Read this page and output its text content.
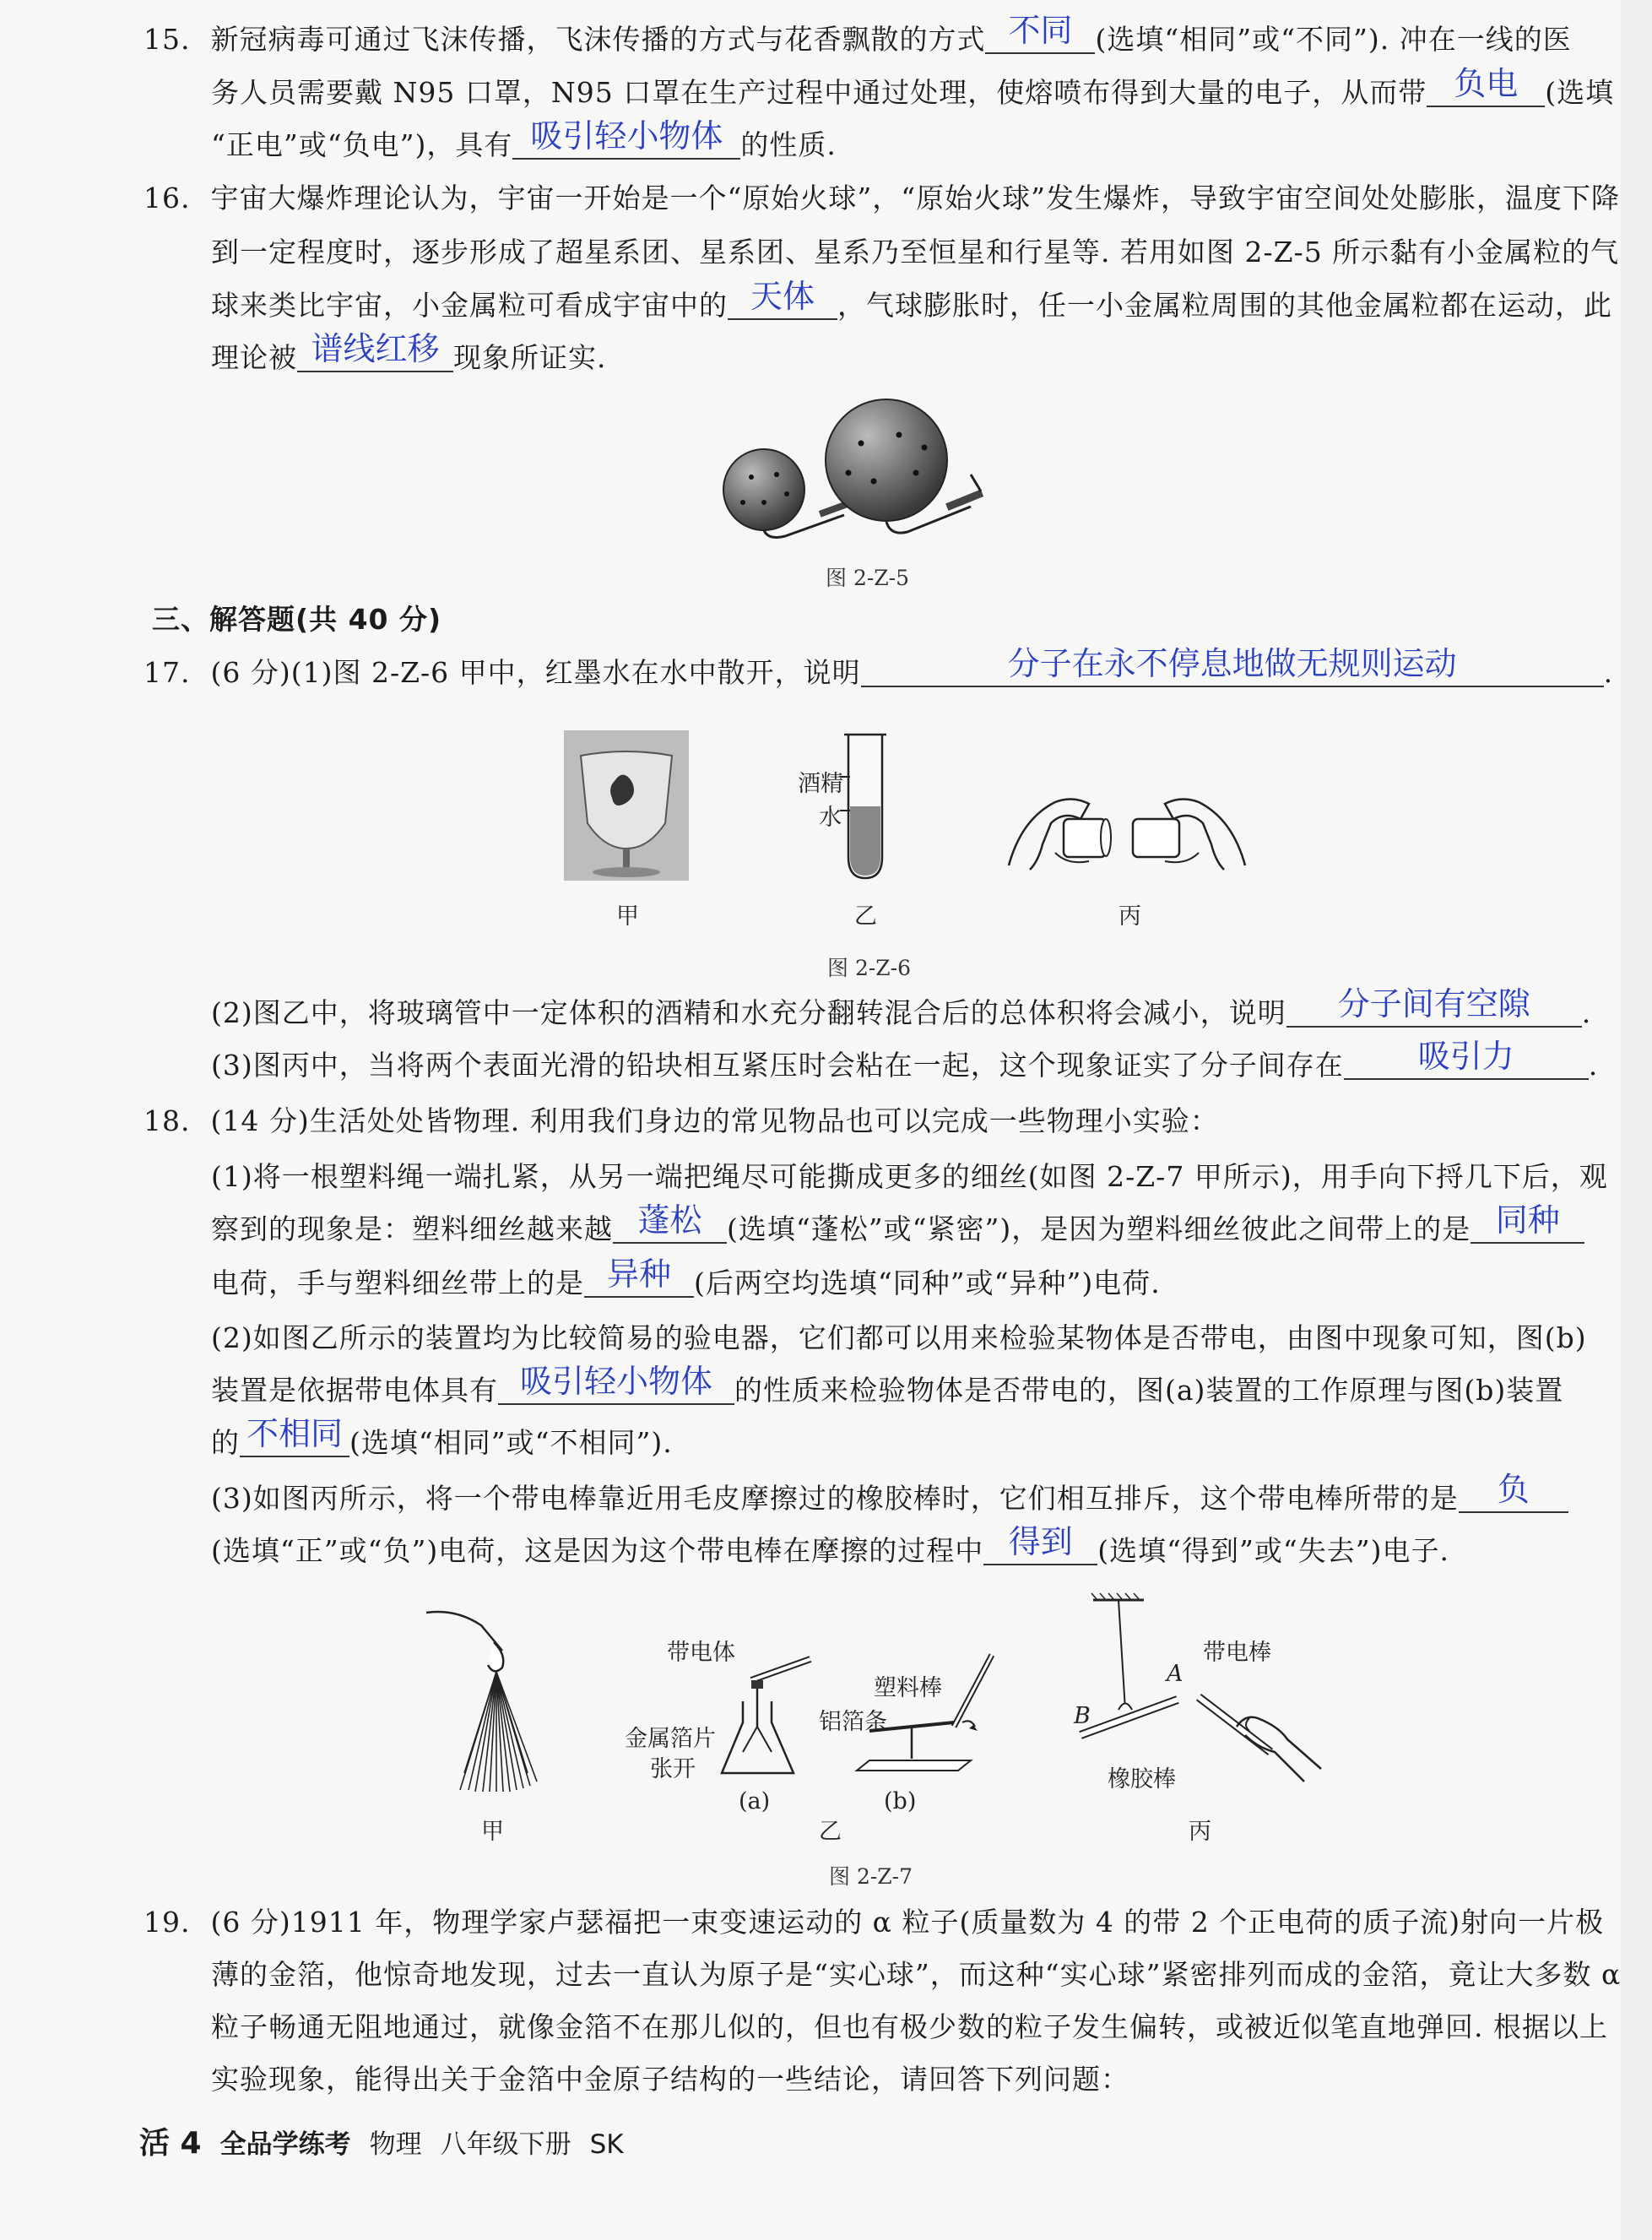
15. 新冠病毒可通过飞沫传播，飞沫传播的方式与花香飘散的方式 不同 (选填“相同”或“不同”). 冲在一线的医
务人员需要戴 N95 口罩，N95 口罩在生产过程中通过处理，使熔喷布得到大量的电子，从而带 负电 (选填
“正电”或“负电”)，具有 吸引轻小物体 的性质.
16. 宇宙大爆炸理论认为，宇宙一开始是一个“原始火球”，“原始火球”发生爆炸，导致宇宙空间处处膨胀，温度下降
到一定程度时，逐步形成了超星系团、星系团、星系乃至恒星和行星等. 若用如图 2-Z-5 所示黏有小金属粒的气
球来类比宇宙，小金属粒可看成宇宙中的 天体 ，气球膨胀时，任一小金属粒周围的其他金属粒都在运动，此
理论被 谱线红移 现象所证实.
图 2-Z-5
三、解答题(共 40 分)
17. (6 分)(1)图 2-Z-6 甲中，红墨水在水中散开，说明	分子在永不停息地做无规则运动	.
酒精
水
甲	乙	丙
图 2-Z-6
(2)图乙中，将玻璃管中一定体积的酒精和水充分翻转混合后的总体积将会减小，说明	分子间有空隙	.
(3)图丙中，当将两个表面光滑的铅块相互紧压时会粘在一起，这个现象证实了分子间存在	吸引力	.
18. (14 分)生活处处皆物理. 利用我们身边的常见物品也可以完成一些物理小实验：
(1)将一根塑料绳一端扎紧，从另一端把绳尽可能撕成更多的细丝(如图 2-Z-7 甲所示)，用手向下捋几下后，观
察到的现象是：塑料细丝越来越 蓬松 (选填“蓬松”或“紧密”)，是因为塑料细丝彼此之间带上的是 同种
电荷，手与塑料细丝带上的是 异种 (后两空均选填“同种”或“异种”)电荷.
(2)如图乙所示的装置均为比较简易的验电器，它们都可以用来检验某物体是否带电，由图中现象可知，图(b)
装置是依据带电体具有 吸引轻小物体 的性质来检验物体是否带电的，图(a)装置的工作原理与图(b)装置
的 不相同 (选填“相同”或“不相同”).
(3)如图丙所示，将一个带电棒靠近用毛皮摩擦过的橡胶棒时，它们相互排斥，这个带电棒所带的是	负
(选填“正”或“负”)电荷，这是因为这个带电棒在摩擦的过程中 得到 (选填“得到”或“失去”)电子.
带电体
金属箔片
张开
(a)
塑料棒
铝箔条
(b)
带电棒
A
B
橡胶棒
甲	乙	丙
图 2-Z-7
19. (6 分)1911 年，物理学家卢瑟福把一束变速运动的 α 粒子(质量数为 4 的带 2 个正电荷的质子流)射向一片极
薄的金箔，他惊奇地发现，过去一直认为原子是“实心球”，而这种“实心球”紧密排列而成的金箔，竟让大多数 α
粒子畅通无阻地通过，就像金箔不在那儿似的，但也有极少数的粒子发生偏转，或被近似笔直地弹回. 根据以上
实验现象，能得出关于金箔中金原子结构的一些结论，请回答下列问题：
活 4 全品学练考 物理 八年级下册 SK
